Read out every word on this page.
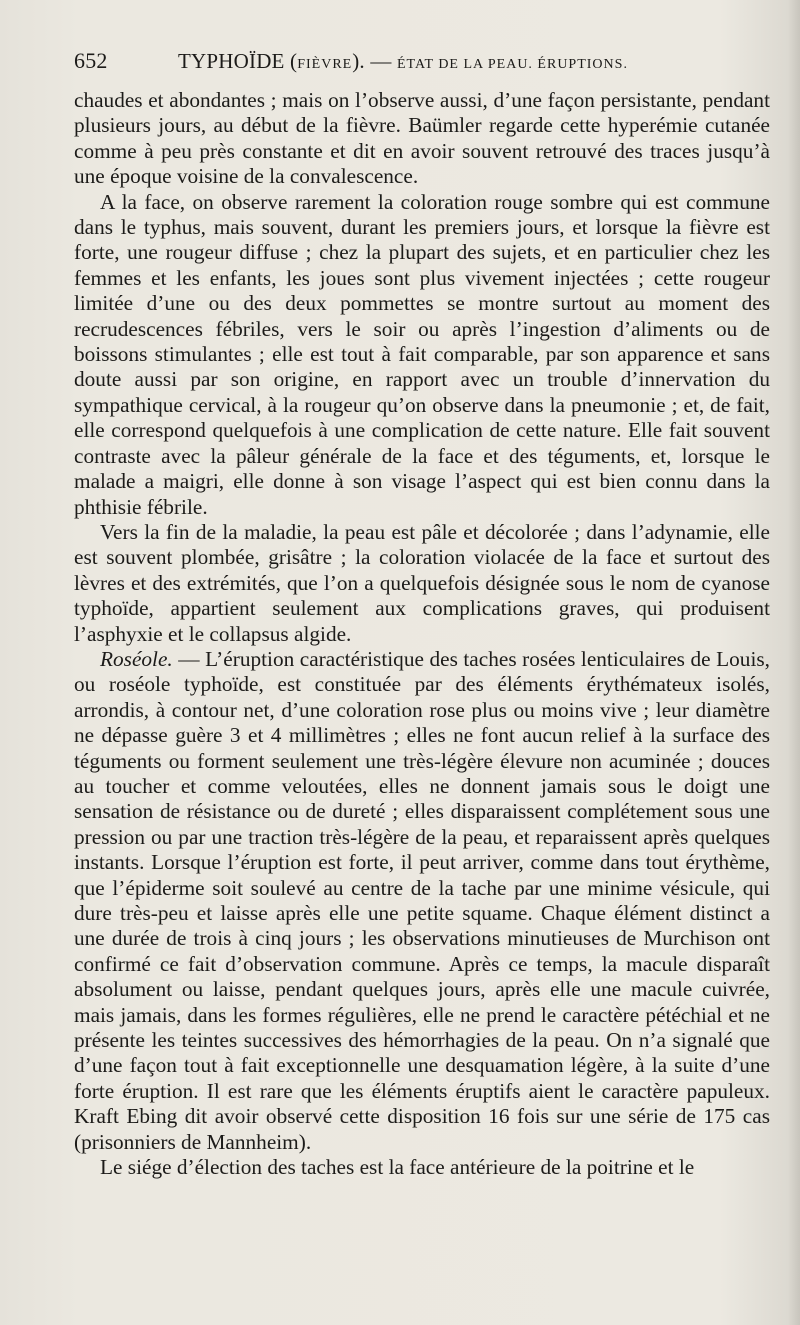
652	TYPHOÏDE (FIÈVRE). — ÉTAT DE LA PEAU. ÉRUPTIONS.

chaudes et abondantes ; mais on l’observe aussi, d’une façon persistante, pendant plusieurs jours, au début de la fièvre. Baümler regarde cette hyperémie cutanée comme à peu près constante et dit en avoir souvent retrouvé des traces jusqu’à une époque voisine de la convalescence.

A la face, on observe rarement la coloration rouge sombre qui est commune dans le typhus, mais souvent, durant les premiers jours, et lorsque la fièvre est forte, une rougeur diffuse ; chez la plupart des sujets, et en particulier chez les femmes et les enfants, les joues sont plus vivement injectées ; cette rougeur limitée d’une ou des deux pommettes se montre surtout au moment des recrudescences fébriles, vers le soir ou après l’ingestion d’aliments ou de boissons stimulantes ; elle est tout à fait comparable, par son apparence et sans doute aussi par son origine, en rapport avec un trouble d’innervation du sympathique cervical, à la rougeur qu’on observe dans la pneumonie ; et, de fait, elle correspond quelquefois à une complication de cette nature. Elle fait souvent contraste avec la pâleur générale de la face et des téguments, et, lorsque le malade a maigri, elle donne à son visage l’aspect qui est bien connu dans la phthisie fébrile.

Vers la fin de la maladie, la peau est pâle et décolorée ; dans l’adynamie, elle est souvent plombée, grisâtre ; la coloration violacée de la face et surtout des lèvres et des extrémités, que l’on a quelquefois désignée sous le nom de cyanose typhoïde, appartient seulement aux complications graves, qui produisent l’asphyxie et le collapsus algide.

Roséole. — L’éruption caractéristique des taches rosées lenticulaires de Louis, ou roséole typhoïde, est constituée par des éléments érythémateux isolés, arrondis, à contour net, d’une coloration rose plus ou moins vive ; leur diamètre ne dépasse guère 3 et 4 millimètres ; elles ne font aucun relief à la surface des téguments ou forment seulement une très-légère élevure non acuminée ; douces au toucher et comme veloutées, elles ne donnent jamais sous le doigt une sensation de résistance ou de dureté ; elles disparaissent complétement sous une pression ou par une traction très-légère de la peau, et reparaissent après quelques instants. Lorsque l’éruption est forte, il peut arriver, comme dans tout érythème, que l’épiderme soit soulevé au centre de la tache par une minime vésicule, qui dure très-peu et laisse après elle une petite squame. Chaque élément distinct a une durée de trois à cinq jours ; les observations minutieuses de Murchison ont confirmé ce fait d’observation commune. Après ce temps, la macule disparaît absolument ou laisse, pendant quelques jours, après elle une macule cuivrée, mais jamais, dans les formes régulières, elle ne prend le caractère pétéchial et ne présente les teintes successives des hémorrhagies de la peau. On n’a signalé que d’une façon tout à fait exceptionnelle une desquamation légère, à la suite d’une forte éruption. Il est rare que les éléments éruptifs aient le caractère papuleux. Kraft Ebing dit avoir observé cette disposition 16 fois sur une série de 175 cas (prisonniers de Mannheim).

Le siége d’élection des taches est la face antérieure de la poitrine et le
